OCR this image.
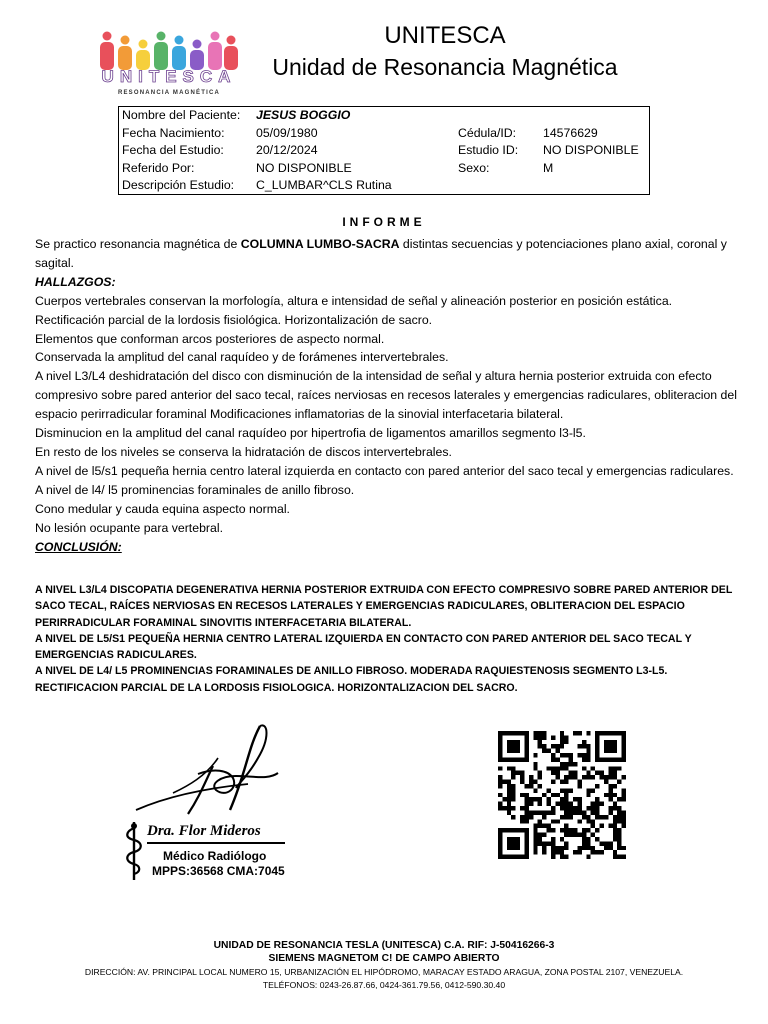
UNITESCA
RESONANCIA MAGNÉTICA
UNITESCA
Unidad de Resonancia Magnética
Nombre del Paciente: JESUS BOGGIO
Fecha Nacimiento:	05/09/1980	Cédula/ID: 14576629
Fecha del Estudio:	20/12/2024	Estudio ID: NO DISPONIBLE
Referido Por:	NO DISPONIBLE	Sexo:	M
Descripción Estudio: C_LUMBAR^CLS Rutina
INFORME

Se practico resonancia magnética de COLUMNA LUMBO-SACRA distintas secuencias y potenciaciones plano axial, coronal y sagital.

HALLAZGOS:

Cuerpos vertebrales conservan la morfología, altura e intensidad de señal y alineación posterior en posición estática.

Rectificación parcial de la lordosis fisiológica. Horizontalización de sacro.

Elementos que conforman arcos posteriores de aspecto normal.

Conservada la amplitud del canal raquídeo y de forámenes intervertebrales.

A nivel L3/L4 deshidratación del disco con disminución de la intensidad de señal y altura hernia posterior extruida con efecto compresivo sobre pared anterior del saco tecal, raíces nerviosas en recesos laterales y emergencias radiculares, obliteracion del espacio perirradicular foraminal Modificaciones inflamatorias de la sinovial interfacetaria bilateral.

Disminucion en la amplitud del canal raquídeo por hipertrofia de ligamentos amarillos segmento l3-l5.

En resto de los niveles se conserva la hidratación de discos intervertebrales.

A nivel de l5/s1 pequeña hernia centro lateral izquierda en contacto con pared anterior del saco tecal y emergencias radiculares.

A nivel de l4/ l5 prominencias foraminales de anillo fibroso.

Cono medular y cauda equina aspecto normal.

No lesión ocupante para vertebral.

CONCLUSIÓN:

A NIVEL L3/L4 DISCOPATIA DEGENERATIVA HERNIA POSTERIOR EXTRUIDA CON EFECTO COMPRESIVO SOBRE PARED ANTERIOR DEL SACO TECAL, RAÍCES NERVIOSAS EN RECESOS LATERALES Y EMERGENCIAS RADICULARES, OBLITERACION DEL ESPACIO PERIRRADICULAR FORAMINAL SINOVITIS INTERFACETARIA BILATERAL.

A NIVEL DE L5/S1 PEQUEÑA HERNIA CENTRO LATERAL IZQUIERDA EN CONTACTO CON PARED ANTERIOR DEL SACO TECAL Y EMERGENCIAS RADICULARES.

A NIVEL DE L4/ L5 PROMINENCIAS FORAMINALES DE ANILLO FIBROSO. MODERADA RAQUIESTENOSIS SEGMENTO L3-L5.

RECTIFICACION PARCIAL DE LA LORDOSIS FISIOLOGICA. HORIZONTALIZACION DEL SACRO.

Dra. Flor Mideros
Médico Radiólogo
MPPS:36568 CMA:7045
UNIDAD DE RESONANCIA TESLA (UNITESCA) C.A. RIF: J-50416266-3
SIEMENS MAGNETOM C! DE CAMPO ABIERTO
DIRECCIÓN: AV. PRINCIPAL LOCAL NUMERO 15, URBANIZACIÓN EL HIPÓDROMO, MARACAY ESTADO ARAGUA, ZONA POSTAL 2107, VENEZUELA.
TELÉFONOS: 0243-26.87.66, 0424-361.79.56, 0412-590.30.40
